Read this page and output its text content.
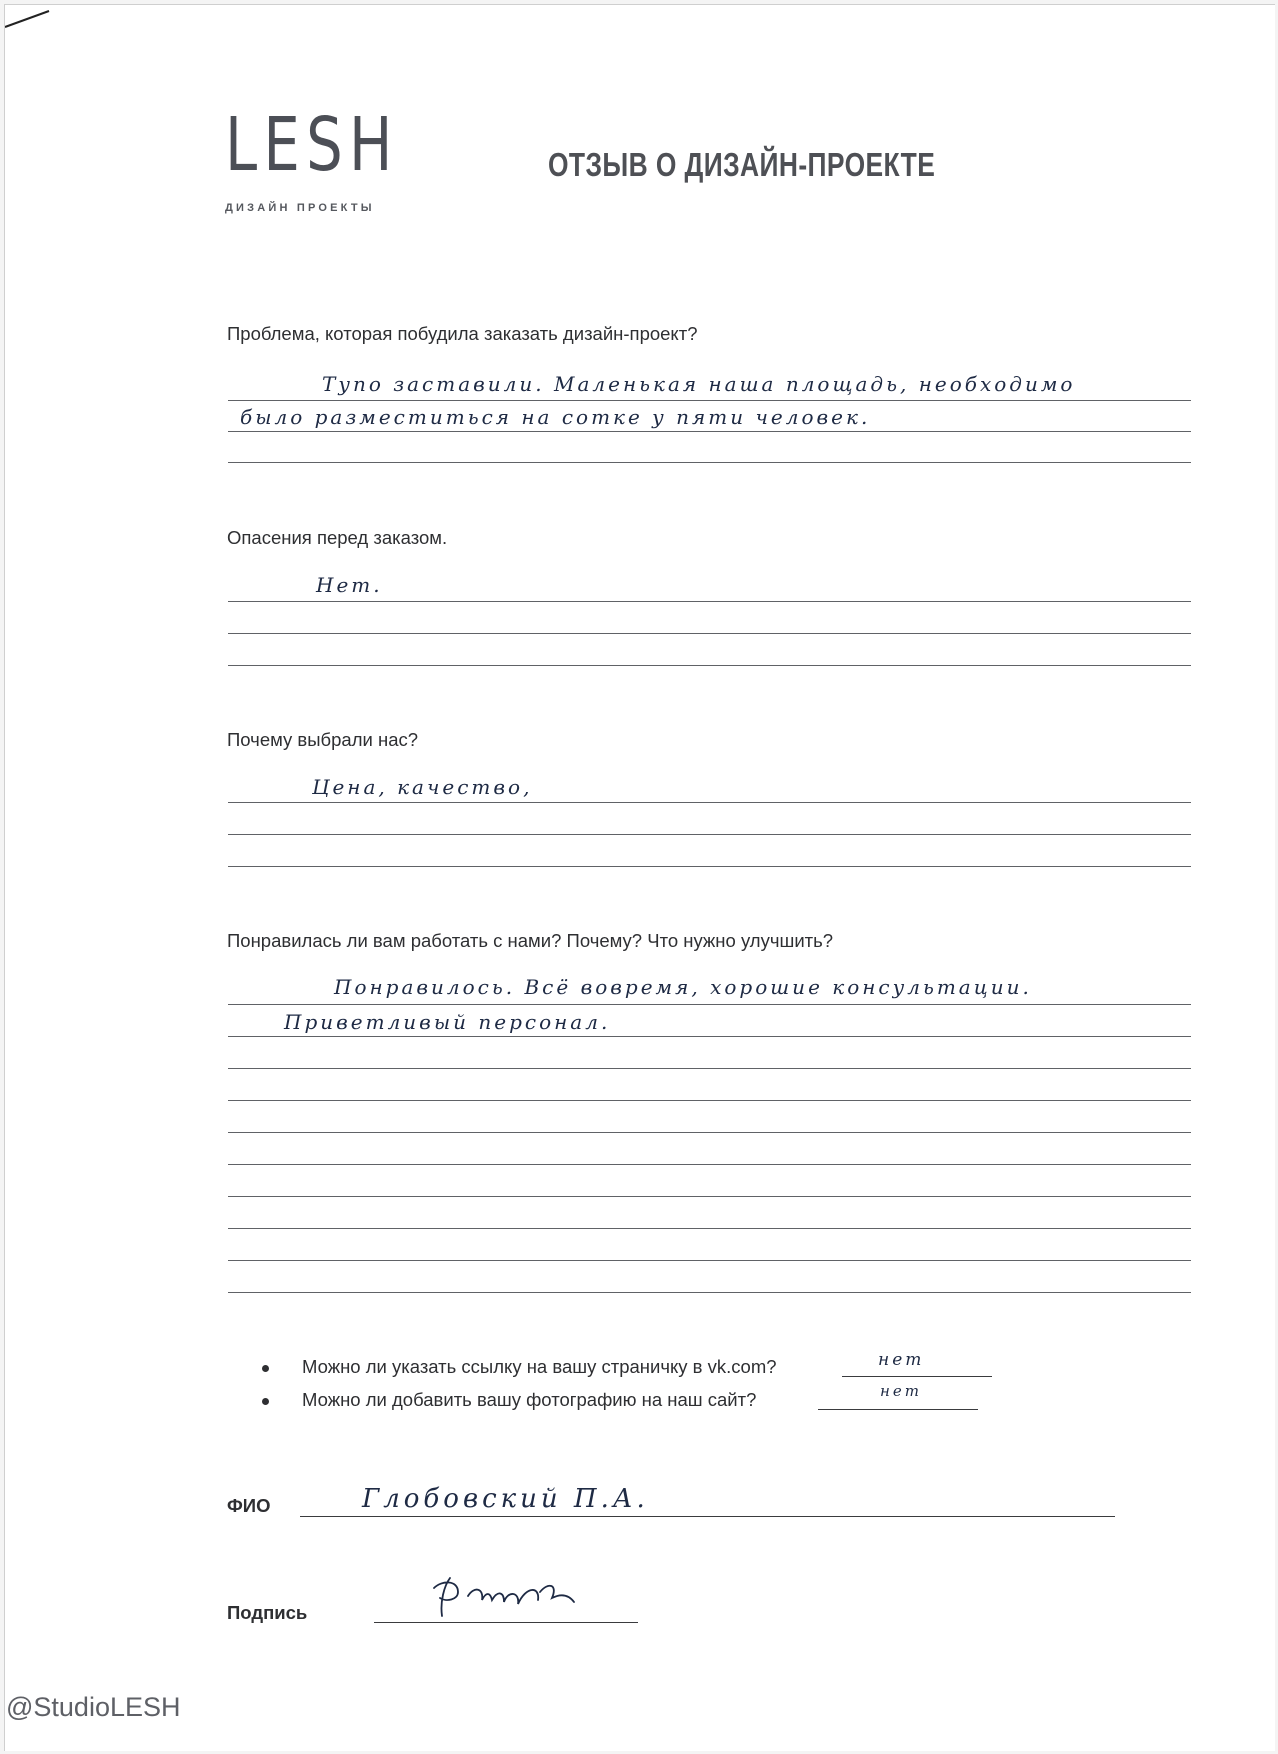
LESH
ДИЗАЙН ПРОЕКТЫ
ОТЗЫВ О ДИЗАЙН-ПРОЕКТЕ
Проблема, которая побудила заказать дизайн-проект?
Тупо заставили. Маленькая наша площадь, необходимо
было разместиться на сотке у пяти человек.
Опасения перед заказом.
Нет.
Почему выбрали нас?
Цена, качество,
Понравилась ли вам работать с нами? Почему? Что нужно улучшить?
Понравилось. Всё вовремя, хорошие консультации.
Приветливый персонал.
Можно ли указать ссылку на вашу страничку в vk.com?	нет
Можно ли добавить вашу фотографию на наш сайт?	нет
ФИО	Глобовский П.А.
Подпись
@StudioLESH
